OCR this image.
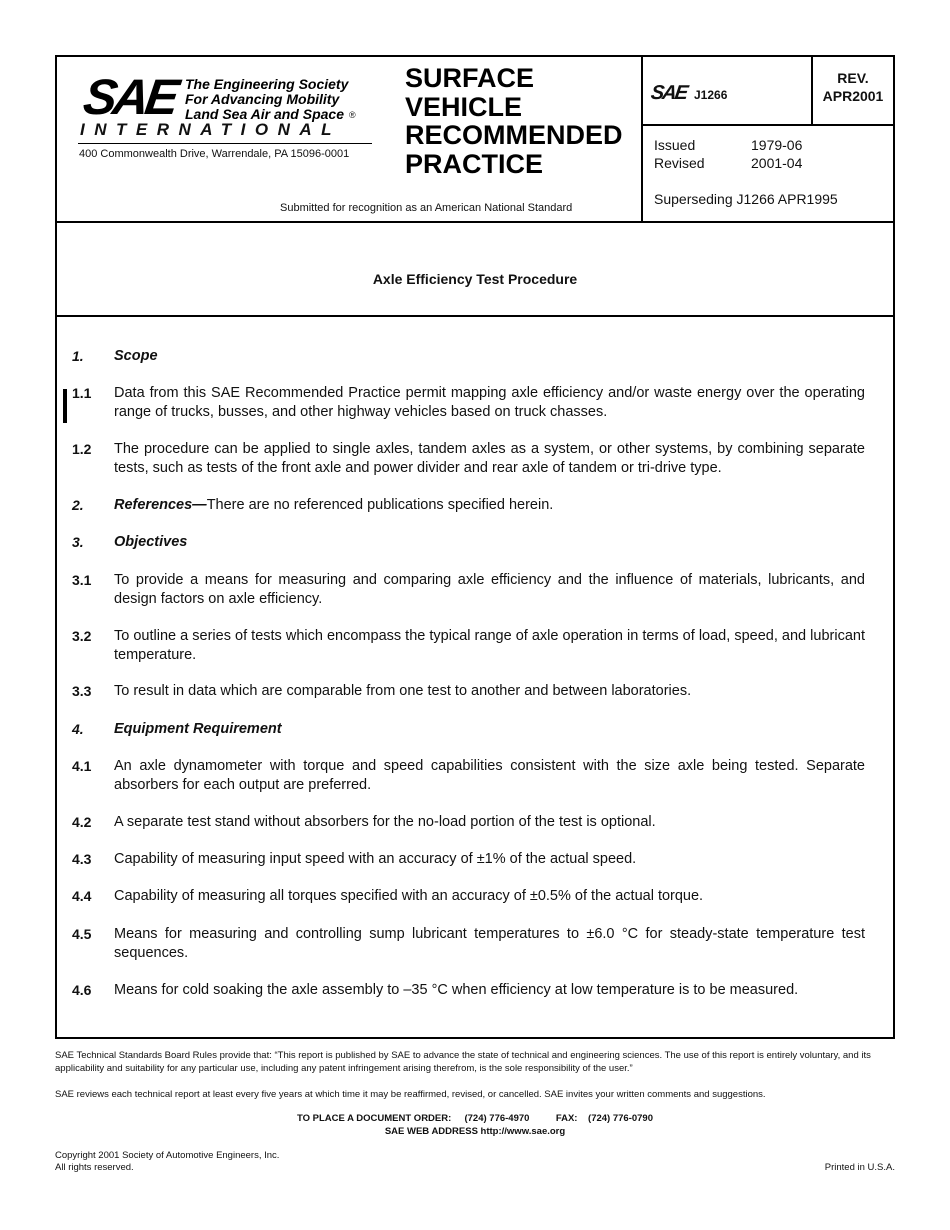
SAE The Engineering Society
For Advancing Mobility
Land Sea Air and Space ®
INTERNATIONAL
400 Commonwealth Drive, Warrendale, PA 15096-0001
SURFACE
VEHICLE
RECOMMENDED
PRACTICE
Submitted for recognition as an American National Standard
SAE J1266
REV.
APR2001
Issued	1979-06
Revised	2001-04
Superseding J1266 APR1995
Axle Efficiency Test Procedure
1.	Scope
1.1	Data from this SAE Recommended Practice permit mapping axle efficiency and/or waste energy over the operating range of trucks, busses, and other highway vehicles based on truck chasses.
1.2	The procedure can be applied to single axles, tandem axles as a system, or other systems, by combining separate tests, such as tests of the front axle and power divider and rear axle of tandem or tri-drive type.
2.	References—There are no referenced publications specified herein.
3.	Objectives
3.1	To provide a means for measuring and comparing axle efficiency and the influence of materials, lubricants, and design factors on axle efficiency.
3.2	To outline a series of tests which encompass the typical range of axle operation in terms of load, speed, and lubricant temperature.
3.3	To result in data which are comparable from one test to another and between laboratories.
4.	Equipment Requirement
4.1	An axle dynamometer with torque and speed capabilities consistent with the size axle being tested. Separate absorbers for each output are preferred.
4.2	A separate test stand without absorbers for the no-load portion of the test is optional.
4.3	Capability of measuring input speed with an accuracy of ±1% of the actual speed.
4.4	Capability of measuring all torques specified with an accuracy of ±0.5% of the actual torque.
4.5	Means for measuring and controlling sump lubricant temperatures to ±6.0 °C for steady-state temperature test sequences.
4.6	Means for cold soaking the axle assembly to –35 °C when efficiency at low temperature is to be measured.
SAE Technical Standards Board Rules provide that: “This report is published by SAE to advance the state of technical and engineering sciences. The use of this report is entirely voluntary, and its applicability and suitability for any particular use, including any patent infringement arising therefrom, is the sole responsibility of the user.”
SAE reviews each technical report at least every five years at which time it may be reaffirmed, revised, or cancelled. SAE invites your written comments and suggestions.
TO PLACE A DOCUMENT ORDER:     (724) 776-4970          FAX:    (724) 776-0790
SAE WEB ADDRESS http://www.sae.org
Copyright 2001 Society of Automotive Engineers, Inc.
All rights reserved.	Printed in U.S.A.
